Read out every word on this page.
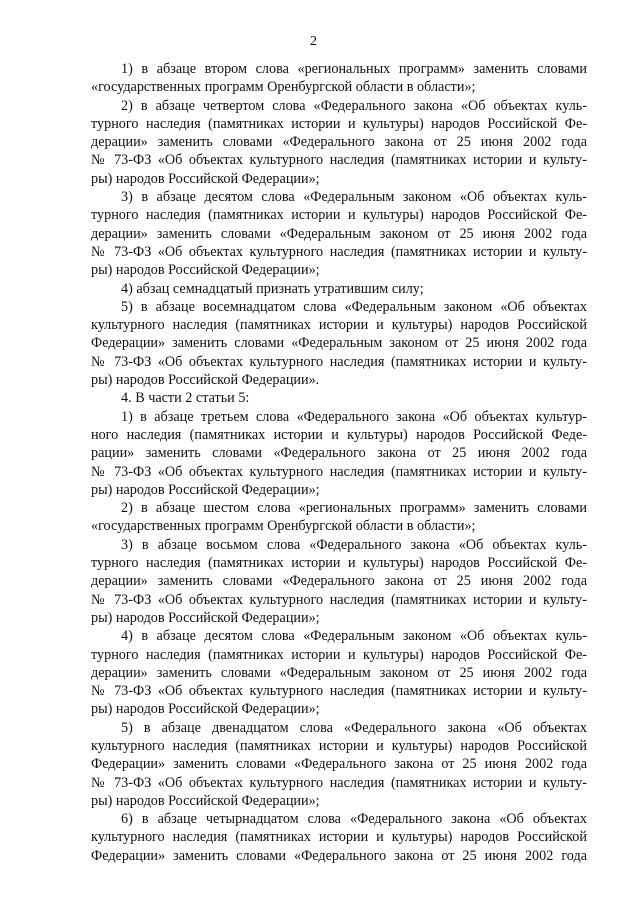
2
1) в абзаце втором слова «региональных программ» заменить словами
«государственных программ Оренбургской области в области»;
2) в абзаце четвертом слова «Федерального закона «Об объектах куль-
турного наследия (памятниках истории и культуры) народов Российской Фе-
дерации» заменить словами «Федерального закона от 25 июня 2002 года
№ 73-ФЗ «Об объектах культурного наследия (памятниках истории и культу-
ры) народов Российской Федерации»;
3) в абзаце десятом слова «Федеральным законом «Об объектах куль-
турного наследия (памятниках истории и культуры) народов Российской Фе-
дерации» заменить словами «Федеральным законом от 25 июня 2002 года
№ 73-ФЗ «Об объектах культурного наследия (памятниках истории и культу-
ры) народов Российской Федерации»;
4) абзац семнадцатый признать утратившим силу;
5) в абзаце восемнадцатом слова «Федеральным законом «Об объектах
культурного наследия (памятниках истории и культуры) народов Российской
Федерации» заменить словами «Федеральным законом от 25 июня 2002 года
№ 73-ФЗ «Об объектах культурного наследия (памятниках истории и культу-
ры) народов Российской Федерации».
4. В части 2 статьи 5:
1) в абзаце третьем слова «Федерального закона «Об объектах культур-
ного наследия (памятниках истории и культуры) народов Российской Феде-
рации» заменить словами «Федерального закона от 25 июня 2002 года
№ 73-ФЗ «Об объектах культурного наследия (памятниках истории и культу-
ры) народов Российской Федерации»;
2) в абзаце шестом слова «региональных программ» заменить словами
«государственных программ Оренбургской области в области»;
3) в абзаце восьмом слова «Федерального закона «Об объектах куль-
турного наследия (памятниках истории и культуры) народов Российской Фе-
дерации» заменить словами «Федерального закона от 25 июня 2002 года
№ 73-ФЗ «Об объектах культурного наследия (памятниках истории и культу-
ры) народов Российской Федерации»;
4) в абзаце десятом слова «Федеральным законом «Об объектах куль-
турного наследия (памятниках истории и культуры) народов Российской Фе-
дерации» заменить словами «Федеральным законом от 25 июня 2002 года
№ 73-ФЗ «Об объектах культурного наследия (памятниках истории и культу-
ры) народов Российской Федерации»;
5) в абзаце двенадцатом слова «Федерального закона «Об объектах
культурного наследия (памятниках истории и культуры) народов Российской
Федерации» заменить словами «Федерального закона от 25 июня 2002 года
№ 73-ФЗ «Об объектах культурного наследия (памятниках истории и культу-
ры) народов Российской Федерации»;
6) в абзаце четырнадцатом слова «Федерального закона «Об объектах
культурного наследия (памятниках истории и культуры) народов Российской
Федерации» заменить словами «Федерального закона от 25 июня 2002 года
